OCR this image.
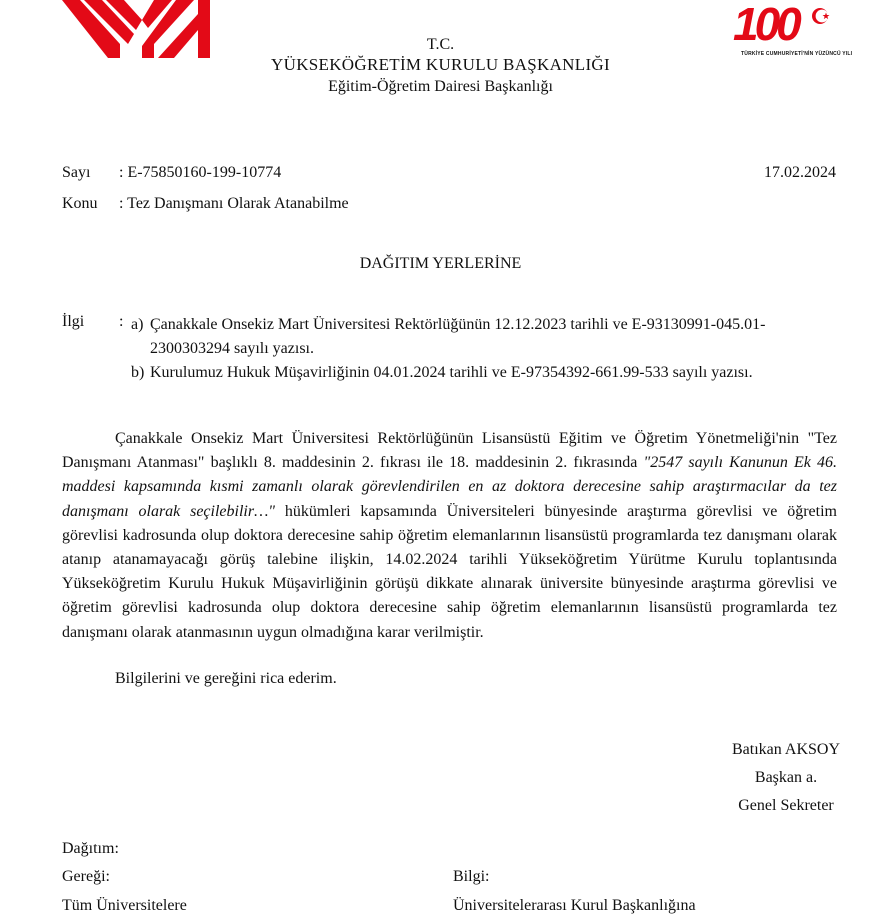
100
TÜRKİYE CUMHURİYETİ'NİN YÜZÜNCÜ YILI
T.C.
YÜKSEKÖĞRETİM KURULU BAŞKANLIĞI
Eğitim-Öğretim Dairesi Başkanlığı
Sayı : E-75850160-199-10774	17.02.2024
Konu : Tez Danışmanı Olarak Atanabilme
DAĞITIM YERLERİNE
İlgi : a) Çanakkale Onsekiz Mart Üniversitesi Rektörlüğünün 12.12.2023 tarihli ve E-93130991-045.01-2300303294 sayılı yazısı.
b) Kurulumuz Hukuk Müşavirliğinin 04.01.2024 tarihli ve E-97354392-661.99-533 sayılı yazısı.
Çanakkale Onsekiz Mart Üniversitesi Rektörlüğünün Lisansüstü Eğitim ve Öğretim Yönetmeliği'nin "Tez Danışmanı Atanması" başlıklı 8. maddesinin 2. fıkrası ile 18. maddesinin 2. fıkrasında "2547 sayılı Kanunun Ek 46. maddesi kapsamında kısmi zamanlı olarak görevlendirilen en az doktora derecesine sahip araştırmacılar da tez danışmanı olarak seçilebilir…" hükümleri kapsamında Üniversiteleri bünyesinde araştırma görevlisi ve öğretim görevlisi kadrosunda olup doktora derecesine sahip öğretim elemanlarının lisansüstü programlarda tez danışmanı olarak atanıp atanamayacağı görüş talebine ilişkin, 14.02.2024 tarihli Yükseköğretim Yürütme Kurulu toplantısında Yükseköğretim Kurulu Hukuk Müşavirliğinin görüşü dikkate alınarak üniversite bünyesinde araştırma görevlisi ve öğretim görevlisi kadrosunda olup doktora derecesine sahip öğretim elemanlarının lisansüstü programlarda tez danışmanı olarak atanmasının uygun olmadığına karar verilmiştir.
Bilgilerini ve gereğini rica ederim.
Batıkan AKSOY
Başkan a.
Genel Sekreter
Dağıtım:
Gereği:	Bilgi:
Tüm Üniversitelere	Üniversitelerarası Kurul Başkanlığına
